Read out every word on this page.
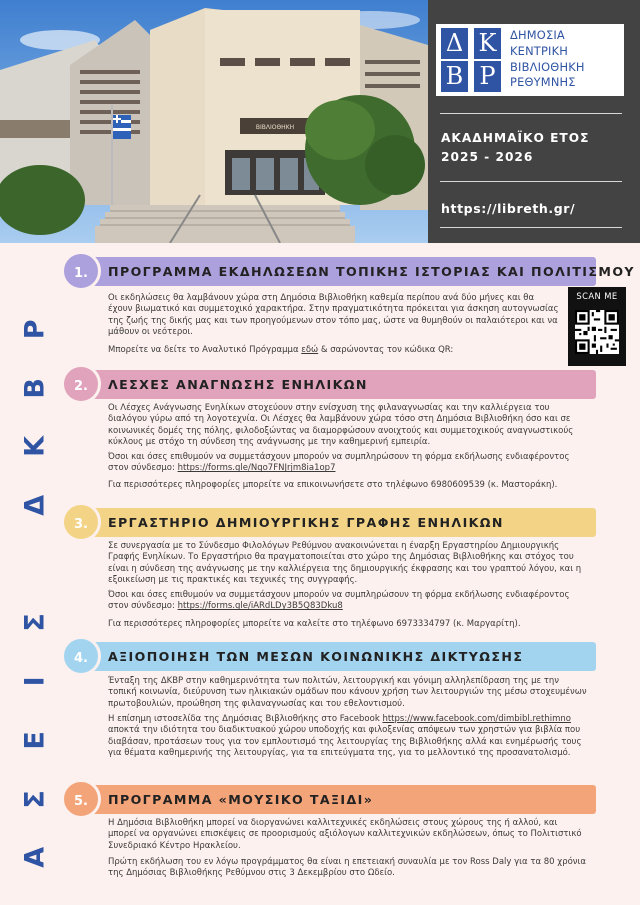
ΒΙΒΛΙΟΘΗΚΗ
Δ Κ
Β Ρ
ΔΗΜΟΣΙΑ
ΚΕΝΤΡΙΚΗ
ΒΙΒΛΙΟΘΗΚΗ
ΡΕΘΥΜΝΗΣ
ΑΚΑΔΗΜΑΪΚΟ ΕΤΟΣ
2025 - 2026
https://libreth.gr/
Ρ
Β
Κ
Δ
Σ
Ι
Ε
Σ
Α
1.	ΠΡΟΓΡΑΜΜΑ ΕΚΔΗΛΩΣΕΩΝ ΤΟΠΙΚΗΣ ΙΣΤΟΡΙΑΣ ΚΑΙ ΠΟΛΙΤΙΣΜΟΥ
Οι εκδηλώσεις θα λαμβάνουν χώρα στη Δημόσια Βιβλιοθήκη καθεμία περίπου ανά δύο μήνες και θα έχουν βιωματικό και συμμετοχικό χαρακτήρα. Στην πραγματικότητα πρόκειται για άσκηση αυτογνωσίας της ζωής της δικής μας και των προηγούμενων στον τόπο μας, ώστε να θυμηθούν οι παλαιότεροι και να μάθουν οι νεότεροι.
Μπορείτε να δείτε το Αναλυτικό Πρόγραμμα εδώ & σαρώνοντας τον κώδικα QR:
SCAN ME
2.	ΛΕΣΧΕΣ ΑΝΑΓΝΩΣΗΣ ΕΝΗΛΙΚΩΝ
Οι Λέσχες Ανάγνωσης Ενηλίκων στοχεύουν στην ενίσχυση της φιλαναγνωσίας και την καλλιέργεια του διαλόγου γύρω από τη λογοτεχνία. Οι Λέσχες θα λαμβάνουν χώρα τόσο στη Δημόσια Βιβλιοθήκη όσο και σε κοινωνικές δομές της πόλης, φιλοδοξώντας να διαμορφώσουν ανοιχτούς και συμμετοχικούς αναγνωστικούς κύκλους με στόχο τη σύνδεση της ανάγνωσης με την καθημερινή εμπειρία.
Όσοι και όσες επιθυμούν να συμμετάσχουν μπορούν να συμπληρώσουν τη φόρμα εκδήλωσης ενδιαφέροντος στον σύνδεσμο: https://forms.gle/Ngo7FNJrjm8ia1op7
Για περισσότερες πληροφορίες μπορείτε να επικοινωνήσετε στο τηλέφωνο 6980609539 (κ. Μαστοράκη).
3.	ΕΡΓΑΣΤΗΡΙΟ ΔΗΜΙΟΥΡΓΙΚΗΣ ΓΡΑΦΗΣ ΕΝΗΛΙΚΩΝ
Σε συνεργασία με το Σύνδεσμο Φιλολόγων Ρεθύμνου ανακοινώνεται η έναρξη Εργαστηρίου Δημιουργικής Γραφής Ενηλίκων. Το Εργαστήριο θα πραγματοποιείται στο χώρο της Δημόσιας Βιβλιοθήκης και στόχος του είναι η σύνδεση της ανάγνωσης με την καλλιέργεια της δημιουργικής έκφρασης και του γραπτού λόγου, και η εξοικείωση με τις πρακτικές και τεχνικές της συγγραφής.
Όσοι και όσες επιθυμούν να συμμετάσχουν μπορούν να συμπληρώσουν τη φόρμα εκδήλωσης ενδιαφέροντος στον σύνδεσμο: https://forms.gle/iARdLDy3B5Q83Dku8
Για περισσότερες πληροφορίες μπορείτε να καλείτε στο τηλέφωνο 6973334797 (κ. Μαργαρίτη).
4.	ΑΞΙΟΠΟΙΗΣΗ ΤΩΝ ΜΕΣΩΝ ΚΟΙΝΩΝΙΚΗΣ ΔΙΚΤΥΩΣΗΣ
Ένταξη της ΔΚΒΡ στην καθημερινότητα των πολιτών, λειτουργική και γόνιμη αλληλεπίδραση της με την τοπική κοινωνία, διεύρυνση των ηλικιακών ομάδων που κάνουν χρήση των λειτουργιών της μέσω στοχευμένων πρωτοβουλιών, προώθηση της φιλαναγνωσίας και του εθελοντισμού.
Η επίσημη ιστοσελίδα της Δημόσιας Βιβλιοθήκης στο Facebook https://www.facebook.com/dimbibl.rethimno αποκτά την ιδιότητα του διαδικτυακού χώρου υποδοχής και φιλοξενίας απόψεων των χρηστών για βιβλία που διαβάσαν, προτάσεων τους για τον εμπλουτισμό της λειτουργίας της Βιβλιοθήκης αλλά και ενημέρωσής τους για θέματα καθημερινής της λειτουργίας, για τα επιτεύγματα της, για το μελλοντικό της προσανατολισμό.
5.	ΠΡΟΓΡΑΜΜΑ «ΜΟΥΣΙΚΟ ΤΑΞΙΔΙ»
Η Δημόσια Βιβλιοθήκη μπορεί να διοργανώνει καλλιτεχνικές εκδηλώσεις στους χώρους της ή αλλού, και μπορεί να οργανώνει επισκέψεις σε προορισμούς αξιόλογων καλλιτεχνικών εκδηλώσεων, όπως το Πολιτιστικό Συνεδριακό Κέντρο Ηρακλείου.
Πρώτη εκδήλωση του εν λόγω προγράμματος θα είναι η επετειακή συναυλία με τον Ross Daly για τα 80 χρόνια της Δημόσιας Βιβλιοθήκης Ρεθύμνου στις 3 Δεκεμβρίου στο Ωδείο.
